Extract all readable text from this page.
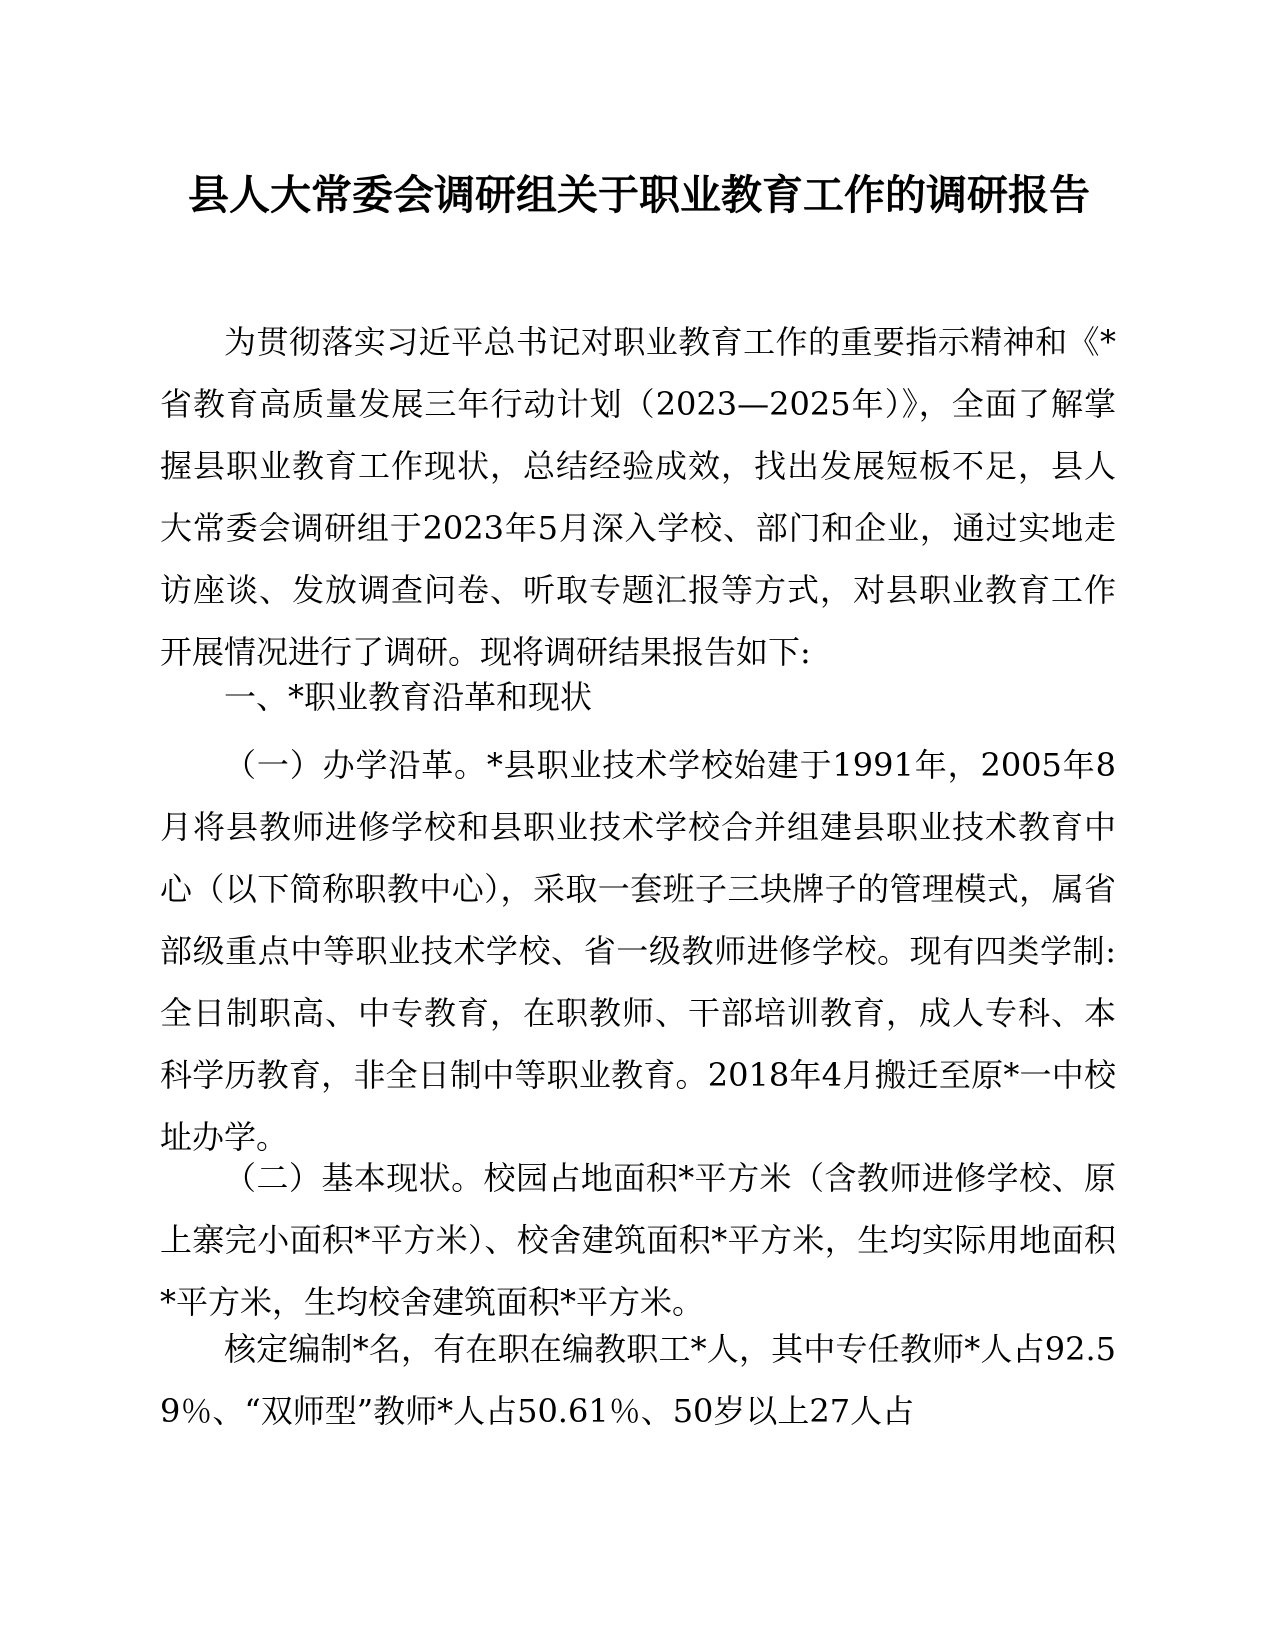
县人大常委会调研组关于职业教育工作的调研报告

为贯彻落实习近平总书记对职业教育工作的重要指示精神和《*省教育高质量发展三年行动计划（2023—2025年）》，全面了解掌握县职业教育工作现状，总结经验成效，找出发展短板不足，县人大常委会调研组于2023年5月深入学校、部门和企业，通过实地走访座谈、发放调查问卷、听取专题汇报等方式，对县职业教育工作开展情况进行了调研。现将调研结果报告如下:

一、*职业教育沿革和现状

（一）办学沿革。*县职业技术学校始建于1991年，2005年8月将县教师进修学校和县职业技术学校合并组建县职业技术教育中心（以下简称职教中心），采取一套班子三块牌子的管理模式，属省部级重点中等职业技术学校、省一级教师进修学校。现有四类学制: 全日制职高、中专教育，在职教师、干部培训教育，成人专科、本科学历教育，非全日制中等职业教育。2018年4月搬迁至原*一中校址办学。

（二）基本现状。校园占地面积*平方米（含教师进修学校、原上寨完小面积*平方米）、校舍建筑面积*平方米，生均实际用地面积*平方米，生均校舍建筑面积*平方米。

核定编制*名，有在职在编教职工*人，其中专任教师*人占92.59％、“双师型”教师*人占50.61％、50岁以上27人占
